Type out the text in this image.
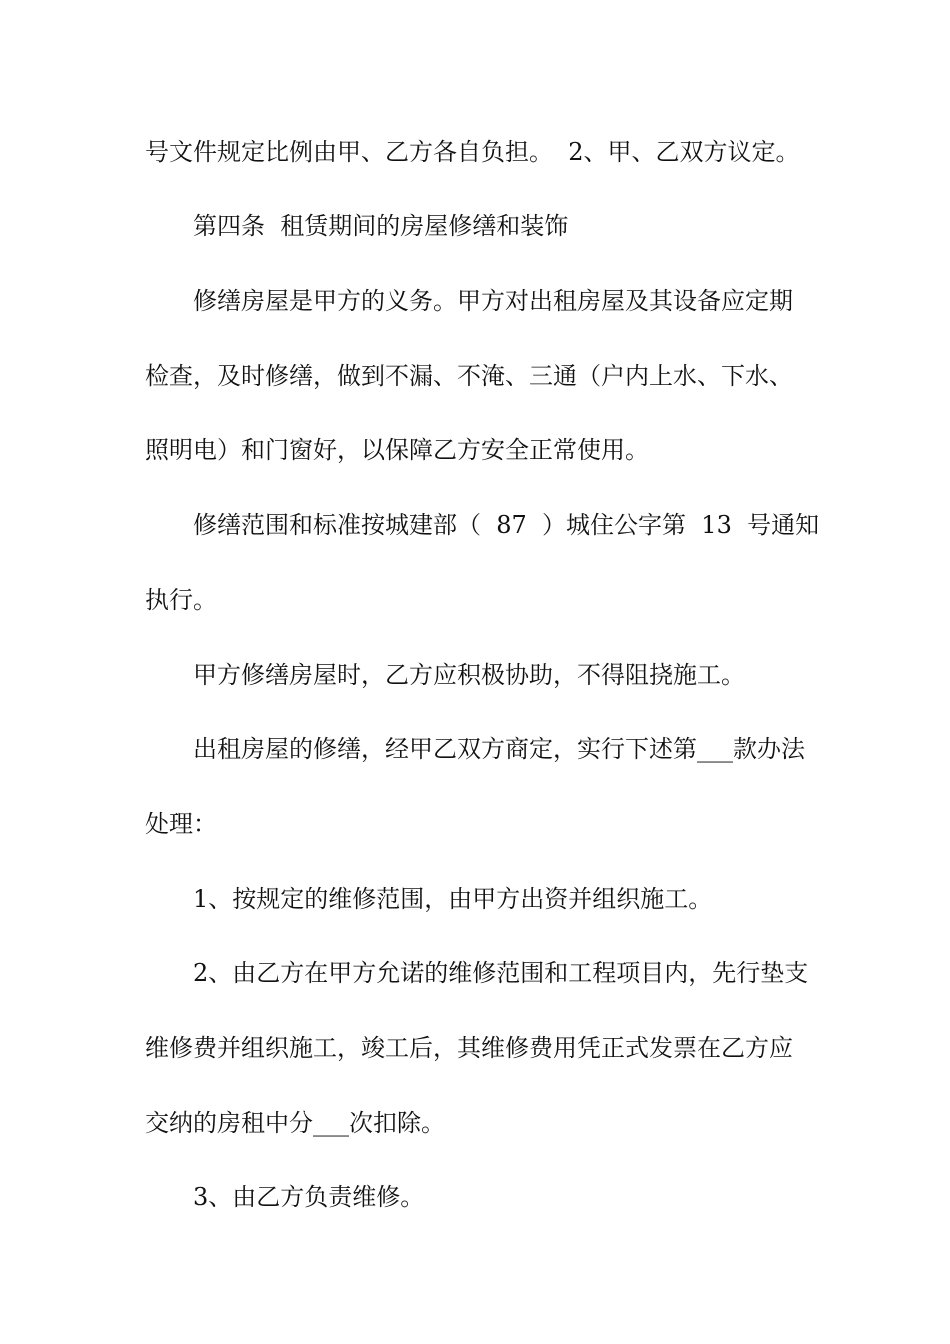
号文件规定比例由甲、乙方各自负担。  2、甲、乙双方议定。
第四条  租赁期间的房屋修缮和装饰
修缮房屋是甲方的义务。甲方对出租房屋及其设备应定期
检查，及时修缮，做到不漏、不淹、三通（户内上水、下水、
照明电）和门窗好，以保障乙方安全正常使用。
修缮范围和标准按城建部（  87  ）城住公字第  13  号通知
执行。
甲方修缮房屋时，乙方应积极协助，不得阻挠施工。
出租房屋的修缮，经甲乙双方商定，实行下述第___款办法
处理：
1、按规定的维修范围，由甲方出资并组织施工。
2、由乙方在甲方允诺的维修范围和工程项目内，先行垫支
维修费并组织施工，竣工后，其维修费用凭正式发票在乙方应
交纳的房租中分___次扣除。
3、由乙方负责维修。
